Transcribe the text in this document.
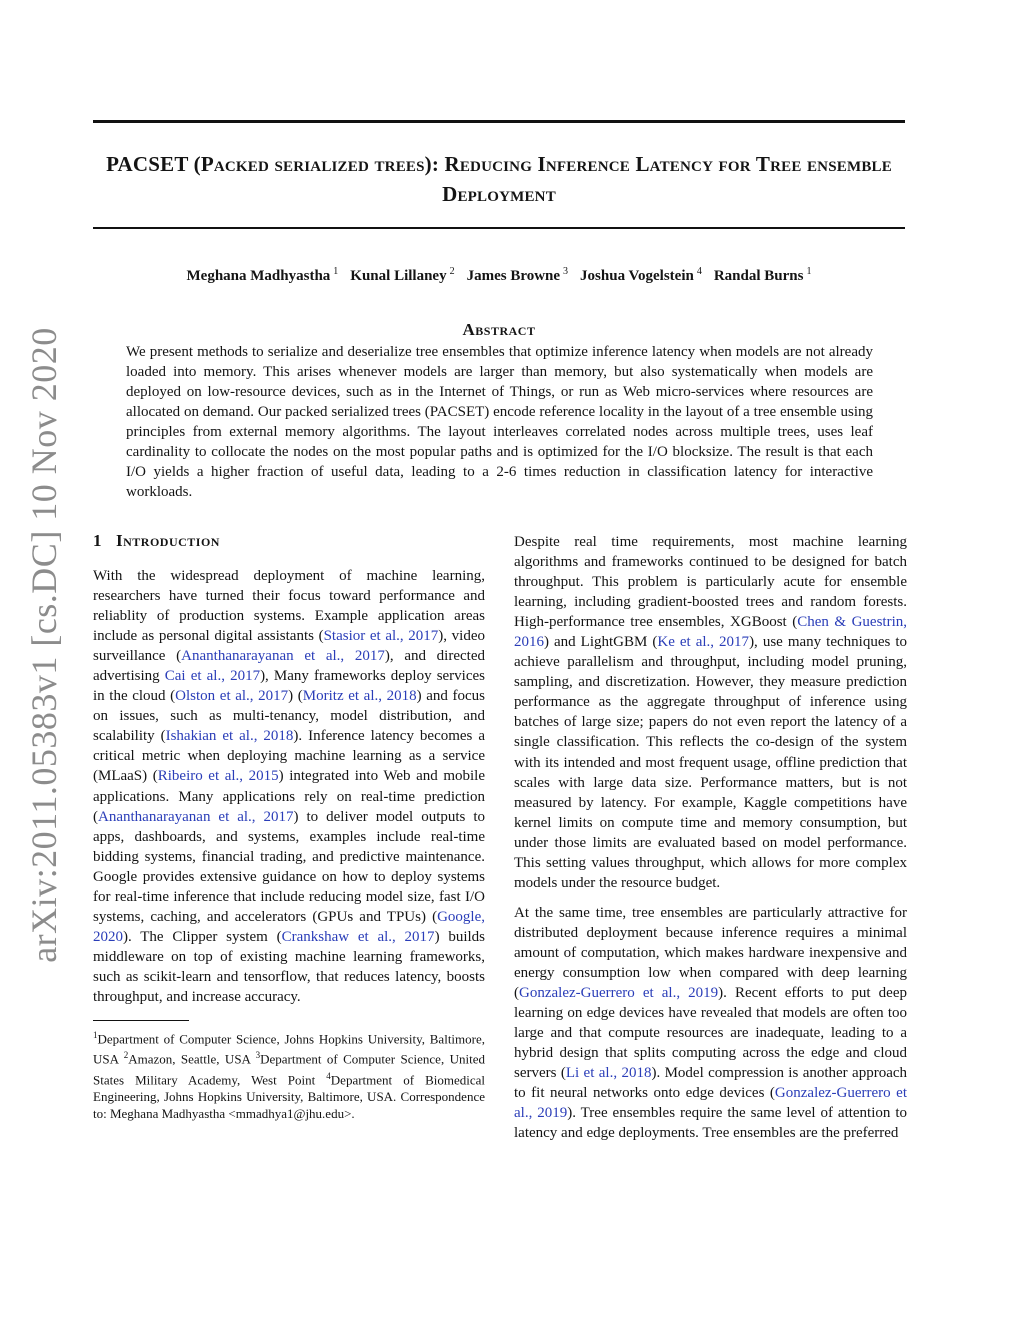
PACSET (Packed serialized trees): Reducing Inference Latency for Tree ensemble Deployment
Meghana Madhyastha $^1$ Kunal Lillaney $^2$ James Browne $^3$ Joshua Vogelstein $^4$ Randal Burns $^1$
Abstract

We present methods to serialize and deserialize tree ensembles that optimize inference latency when models are not already loaded into memory. This arises whenever models are larger than memory, but also systematically when models are deployed on low-resource devices, such as in the Internet of Things, or run as Web micro-services where resources are allocated on demand. Our packed serialized trees (PACSET) encode reference locality in the layout of a tree ensemble using principles from external memory algorithms. The layout interleaves correlated nodes across multiple trees, uses leaf cardinality to collocate the nodes on the most popular paths and is optimized for the I/O blocksize. The result is that each I/O yields a higher fraction of useful data, leading to a 2-6 times reduction in classification latency for interactive workloads.

arXiv:2011.05383v1 [cs.DC] 10 Nov 2020 1 Introduction

With the widespread deployment of machine learning, researchers have turned their focus toward performance and reliablity of production systems. Example application areas include as personal digital assistants (Stasior et al., 2017), video surveillance (Ananthanarayanan et al., 2017), and directed advertising Cai et al., 2017), Many frameworks deploy services in the cloud (Olston et al., 2017) (Moritz et al., 2018) and focus on issues, such as multi-tenancy, model distribution, and scalability (Ishakian et al., 2018). Inference latency becomes a critical metric when deploying machine learning as a service (MLaaS) (Ribeiro et al., 2015) integrated into Web and mobile applications. Many applications rely on real-time prediction (Ananthanarayanan et al., 2017) to deliver model outputs to apps, dashboards, and systems, examples include real-time bidding systems, financial trading, and predictive maintenance. Google provides extensive guidance on how to deploy systems for real-time inference that include reducing model size, fast I/O systems, caching, and accelerators (GPUs and TPUs) (Google, 2020). The Clipper system (Crankshaw et al., 2017) builds middleware on top of existing machine learning frameworks, such as scikit-learn and tensorflow, that reduces latency, boosts throughput, and increase accuracy.

$^1$Department of Computer Science, Johns Hopkins University, Baltimore, USA $^2$Amazon, Seattle, USA $^3$Department of Computer Science, United States Military Academy, West Point $^4$Department of Biomedical Engineering, Johns Hopkins University, Baltimore, USA. Correspondence to: Meghana Madhyastha <mmadhya1@jhu.edu>.

Despite real time requirements, most machine learning algorithms and frameworks continued to be designed for batch throughput. This problem is particularly acute for ensemble learning, including gradient-boosted trees and random forests. High-performance tree ensembles, XGBoost (Chen & Guestrin, 2016) and LightGBM (Ke et al., 2017), use many techniques to achieve parallelism and throughput, including model pruning, sampling, and discretization. However, they measure prediction performance as the aggregate throughput of inference using batches of large size; papers do not even report the latency of a single classification. This reflects the co-design of the system with its intended and most frequent usage, offline prediction that scales with large data size. Performance matters, but is not measured by latency. For example, Kaggle competitions have kernel limits on compute time and memory consumption, but under those limits are evaluated based on model performance. This setting values throughput, which allows for more complex models under the resource budget.

At the same time, tree ensembles are particularly attractive for distributed deployment because inference requires a minimal amount of computation, which makes hardware inexpensive and energy consumption low when compared with deep learning (Gonzalez-Guerrero et al., 2019). Recent efforts to put deep learning on edge devices have revealed that models are often too large and that compute resources are inadequate, leading to a hybrid design that splits computing across the edge and cloud servers (Li et al., 2018). Model compression is another approach to fit neural networks onto edge devices (Gonzalez-Guerrero et al., 2019). Tree ensembles require the same level of attention to latency and edge deployments. Tree ensembles are the preferred
